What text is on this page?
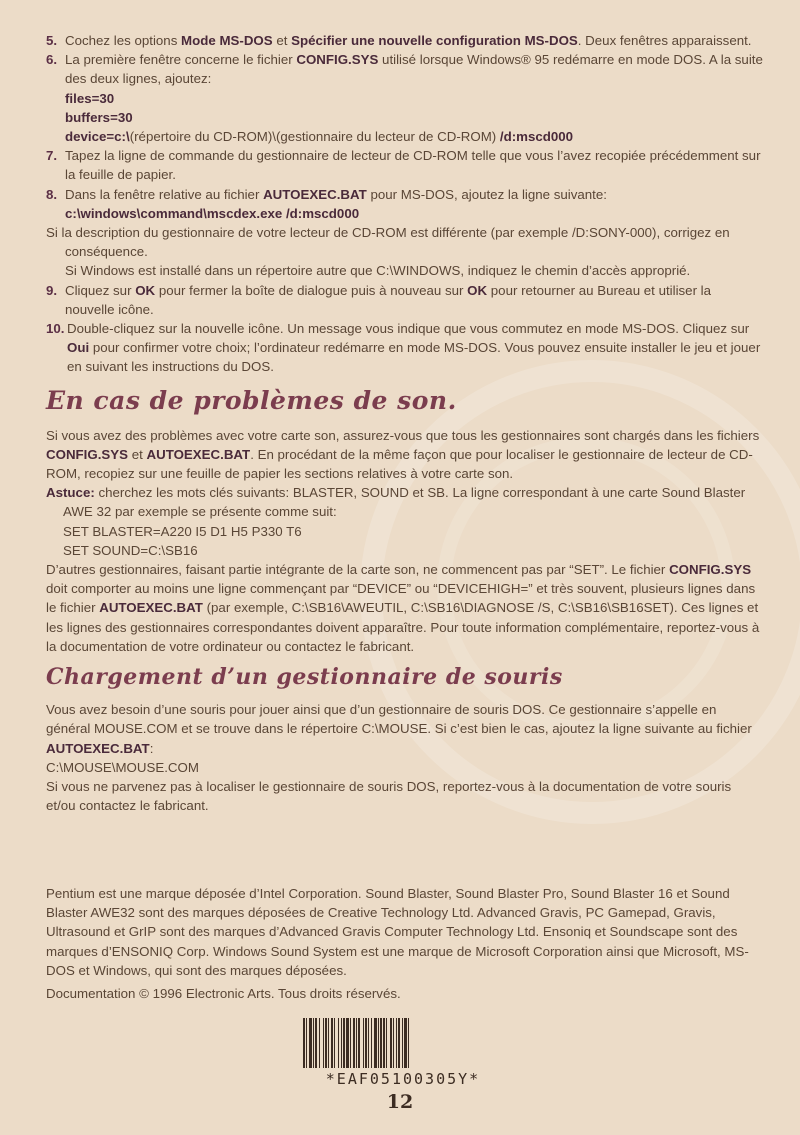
5. Cochez les options Mode MS-DOS et Spécifier une nouvelle configuration MS-DOS. Deux fenêtres apparaissent.
6. La première fenêtre concerne le fichier CONFIG.SYS utilisé lorsque Windows® 95 redémarre en mode DOS. A la suite des deux lignes, ajoutez:
files=30
buffers=30
device=c:\(répertoire du CD-ROM)\(gestionnaire du lecteur de CD-ROM) /d:mscd000
7. Tapez la ligne de commande du gestionnaire de lecteur de CD-ROM telle que vous l’avez recopiée précédemment sur la feuille de papier.
8. Dans la fenêtre relative au fichier AUTOEXEC.BAT pour MS-DOS, ajoutez la ligne suivante:
c:\windows\command\mscdex.exe /d:mscd000
Si la description du gestionnaire de votre lecteur de CD-ROM est différente (par exemple /D:SONY-000), corrigez en conséquence.
Si Windows est installé dans un répertoire autre que C:\WINDOWS, indiquez le chemin d’accès approprié.
9. Cliquez sur OK pour fermer la boîte de dialogue puis à nouveau sur OK pour retourner au Bureau et utiliser la nouvelle icône.
10. Double-cliquez sur la nouvelle icône. Un message vous indique que vous commutez en mode MS-DOS. Cliquez sur Oui pour confirmer votre choix; l’ordinateur redémarre en mode MS-DOS. Vous pouvez ensuite installer le jeu et jouer en suivant les instructions du DOS.
En cas de problèmes de son.

Si vous avez des problèmes avec votre carte son, assurez-vous que tous les gestionnaires sont chargés dans les fichiers CONFIG.SYS et AUTOEXEC.BAT. En procédant de la même façon que pour localiser le gestionnaire de lecteur de CD-ROM, recopiez sur une feuille de papier les sections relatives à votre carte son.

Astuce: cherchez les mots clés suivants: BLASTER, SOUND et SB. La ligne correspondant à une carte Sound Blaster AWE 32 par exemple se présente comme suit:
SET BLASTER=A220 I5 D1 H5 P330 T6
SET SOUND=C:\SB16

D’autres gestionnaires, faisant partie intégrante de la carte son, ne commencent pas par “SET”. Le fichier CONFIG.SYS doit comporter au moins une ligne commençant par “DEVICE” ou “DEVICEHIGH=” et très souvent, plusieurs lignes dans le fichier AUTOEXEC.BAT (par exemple, C:\SB16\AWEUTIL, C:\SB16\DIAGNOSE /S, C:\SB16\SB16SET). Ces lignes et les lignes des gestionnaires correspondantes doivent apparaître. Pour toute information complémentaire, reportez-vous à la documentation de votre ordinateur ou contactez le fabricant.

Chargement d’un gestionnaire de souris

Vous avez besoin d’une souris pour jouer ainsi que d’un gestionnaire de souris DOS. Ce gestionnaire s’appelle en général MOUSE.COM et se trouve dans le répertoire C:\MOUSE. Si c’est bien le cas, ajoutez la ligne suivante au fichier AUTOEXEC.BAT:

C:\MOUSE\MOUSE.COM

Si vous ne parvenez pas à localiser le gestionnaire de souris DOS, reportez-vous à la documentation de votre souris et/ou contactez le fabricant.

Pentium est une marque déposée d’Intel Corporation. Sound Blaster, Sound Blaster Pro, Sound Blaster 16 et Sound Blaster AWE32 sont des marques déposées de Creative Technology Ltd. Advanced Gravis, PC Gamepad, Gravis, Ultrasound et GrIP sont des marques d’Advanced Gravis Computer Technology Ltd. Ensoniq et Soundscape sont des marques d’ENSONIQ Corp. Windows Sound System est une marque de Microsoft Corporation ainsi que Microsoft, MS-DOS et Windows, qui sont des marques déposées.

Documentation © 1996 Electronic Arts. Tous droits réservés.

*EAF05100305Y*
12
